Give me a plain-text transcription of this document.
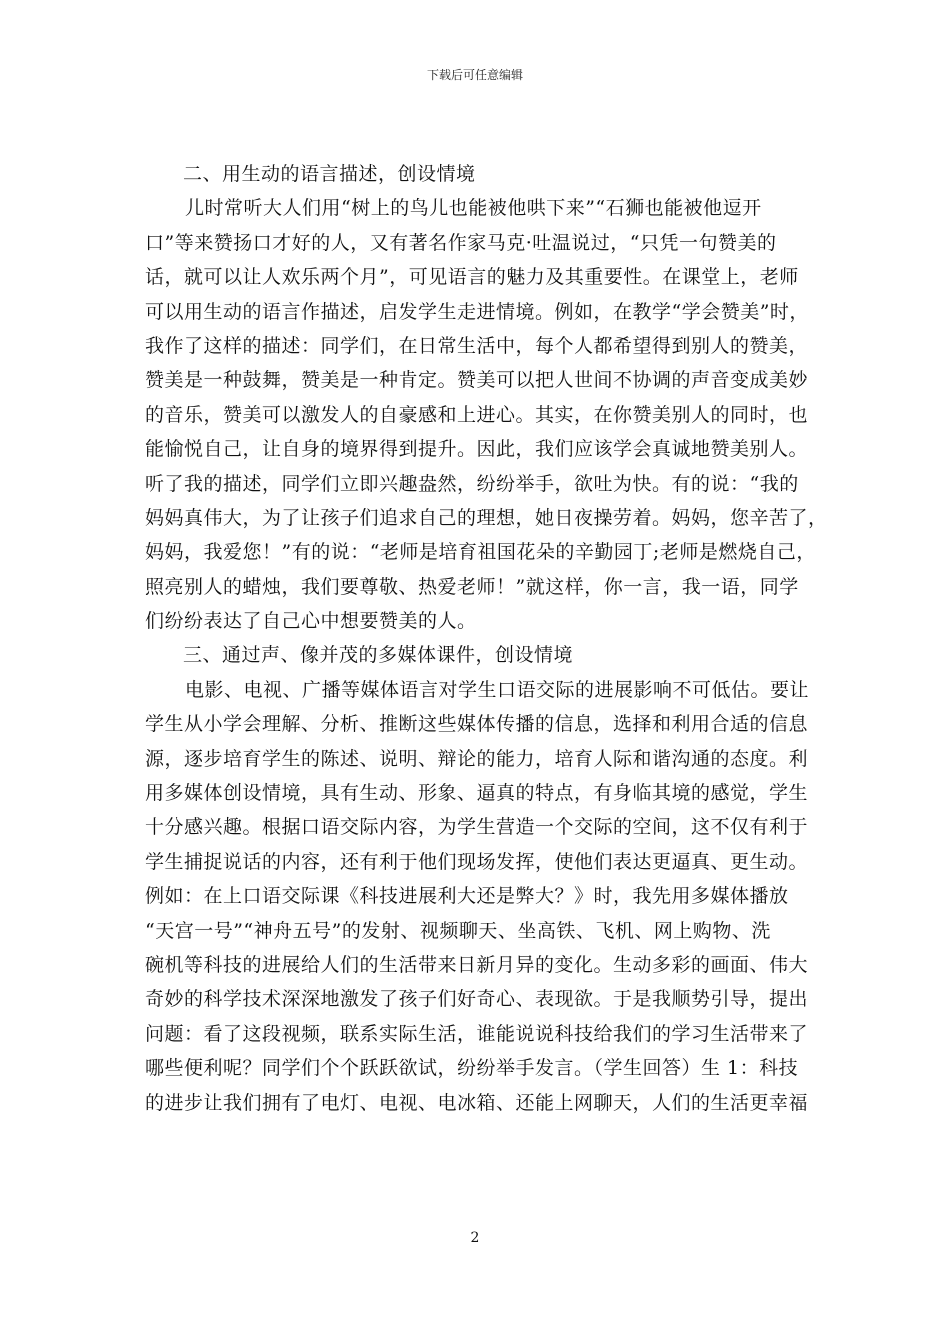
下载后可任意编辑
二、用生动的语言描述，创设情境
儿时常听大人们用“树上的鸟儿也能被他哄下来”“石狮也能被他逗开
口”等来赞扬口才好的人，又有著名作家马克·吐温说过，“只凭一句赞美的
话，就可以让人欢乐两个月”，可见语言的魅力及其重要性。在课堂上，老师
可以用生动的语言作描述，启发学生走进情境。例如，在教学“学会赞美”时，
我作了这样的描述：同学们，在日常生活中，每个人都希望得到别人的赞美，
赞美是一种鼓舞，赞美是一种肯定。赞美可以把人世间不协调的声音变成美妙
的音乐，赞美可以激发人的自豪感和上进心。其实，在你赞美别人的同时，也
能愉悦自己，让自身的境界得到提升。因此，我们应该学会真诚地赞美别人。
听了我的描述，同学们立即兴趣盎然，纷纷举手，欲吐为快。有的说：“我的
妈妈真伟大，为了让孩子们追求自己的理想，她日夜操劳着。妈妈，您辛苦了，
妈妈，我爱您！”有的说：“老师是培育祖国花朵的辛勤园丁;老师是燃烧自己，
照亮别人的蜡烛，我们要尊敬、热爱老师！”就这样，你一言，我一语，同学
们纷纷表达了自己心中想要赞美的人。
三、通过声、像并茂的多媒体课件，创设情境
电影、电视、广播等媒体语言对学生口语交际的进展影响不可低估。要让
学生从小学会理解、分析、推断这些媒体传播的信息，选择和利用合适的信息
源，逐步培育学生的陈述、说明、辩论的能力，培育人际和谐沟通的态度。利
用多媒体创设情境，具有生动、形象、逼真的特点，有身临其境的感觉，学生
十分感兴趣。根据口语交际内容，为学生营造一个交际的空间，这不仅有利于
学生捕捉说话的内容，还有利于他们现场发挥，使他们表达更逼真、更生动。
例如：在上口语交际课《科技进展利大还是弊大？》时，我先用多媒体播放
“天宫一号”“神舟五号”的发射、视频聊天、坐高铁、飞机、网上购物、洗
碗机等科技的进展给人们的生活带来日新月异的变化。生动多彩的画面、伟大
奇妙的科学技术深深地激发了孩子们好奇心、表现欲。于是我顺势引导，提出
问题：看了这段视频，联系实际生活，谁能说说科技给我们的学习生活带来了
哪些便利呢？同学们个个跃跃欲试，纷纷举手发言。（学生回答）生 1：科技
的进步让我们拥有了电灯、电视、电冰箱、还能上网聊天，人们的生活更幸福
2
